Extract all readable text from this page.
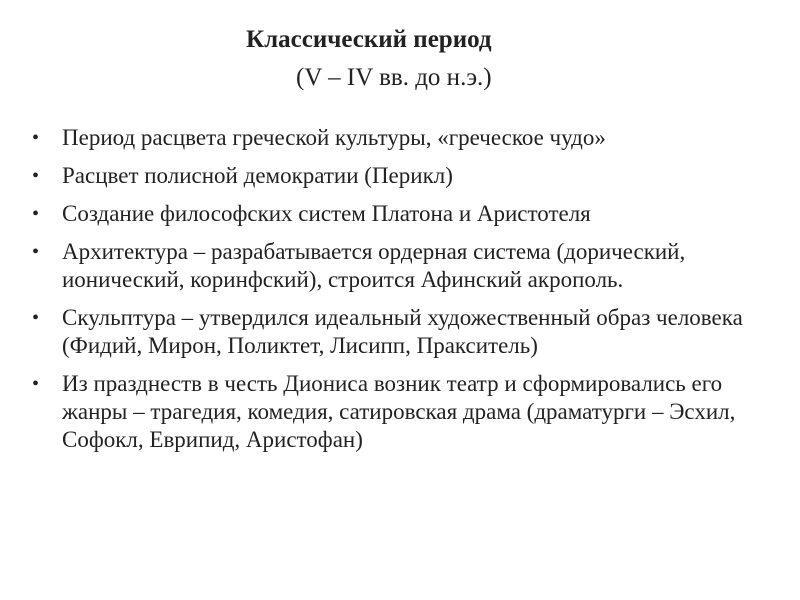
Классический период
(V – IV вв. до н.э.)
• Период расцвета греческой культуры, «греческое чудо»
• Расцвет полисной демократии (Перикл)
• Создание философских систем Платона и Аристотеля
• Архитектура – разрабатывается ордерная система (дорический, ионический, коринфский), строится Афинский акрополь.
• Скульптура – утвердился идеальный художественный образ человека (Фидий, Мирон, Поликтет, Лисипп, Пракситель)
• Из празднеств в честь Диониса возник театр и сформировались его жанры – трагедия, комедия, сатировская драма (драматурги – Эсхил, Софокл, Еврипид, Аристофан)
